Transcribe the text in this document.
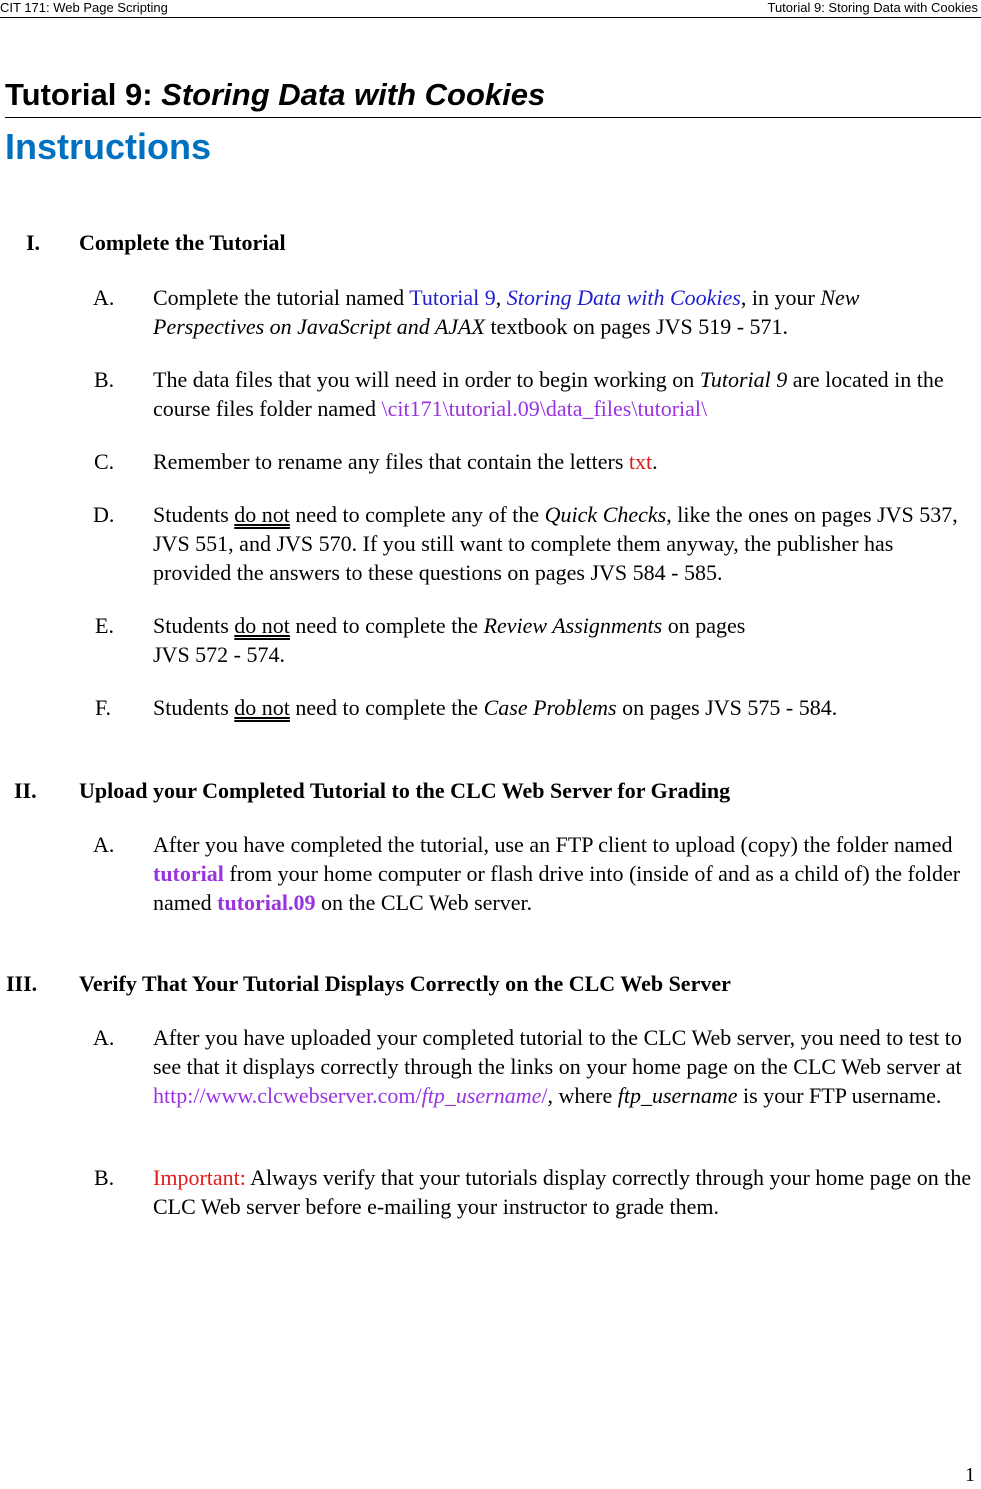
CIT 171: Web Page Scripting	Tutorial 9: Storing Data with Cookies
Tutorial 9: Storing Data with Cookies
Instructions
I. Complete the Tutorial
A. Complete the tutorial named Tutorial 9, Storing Data with Cookies, in your New Perspectives on JavaScript and AJAX textbook on pages JVS 519 - 571.
B. The data files that you will need in order to begin working on Tutorial 9 are located in the course files folder named \cit171\tutorial.09\data_files\tutorial\
C. Remember to rename any files that contain the letters txt.
D. Students do not need to complete any of the Quick Checks, like the ones on pages JVS 537, JVS 551, and JVS 570. If you still want to complete them anyway, the publisher has provided the answers to these questions on pages JVS 584 - 585.
E. Students do not need to complete the Review Assignments on pages
JVS 572 - 574.
F. Students do not need to complete the Case Problems on pages JVS 575 - 584.
II. Upload your Completed Tutorial to the CLC Web Server for Grading
A. After you have completed the tutorial, use an FTP client to upload (copy) the folder named tutorial from your home computer or flash drive into (inside of and as a child of) the folder named tutorial.09 on the CLC Web server.
III. Verify That Your Tutorial Displays Correctly on the CLC Web Server
A. After you have uploaded your completed tutorial to the CLC Web server, you need to test to see that it displays correctly through the links on your home page on the CLC Web server at http://www.clcwebserver.com/ftp_username/, where ftp_username is your FTP username.
B. Important: Always verify that your tutorials display correctly through your home page on the CLC Web server before e-mailing your instructor to grade them.
1
